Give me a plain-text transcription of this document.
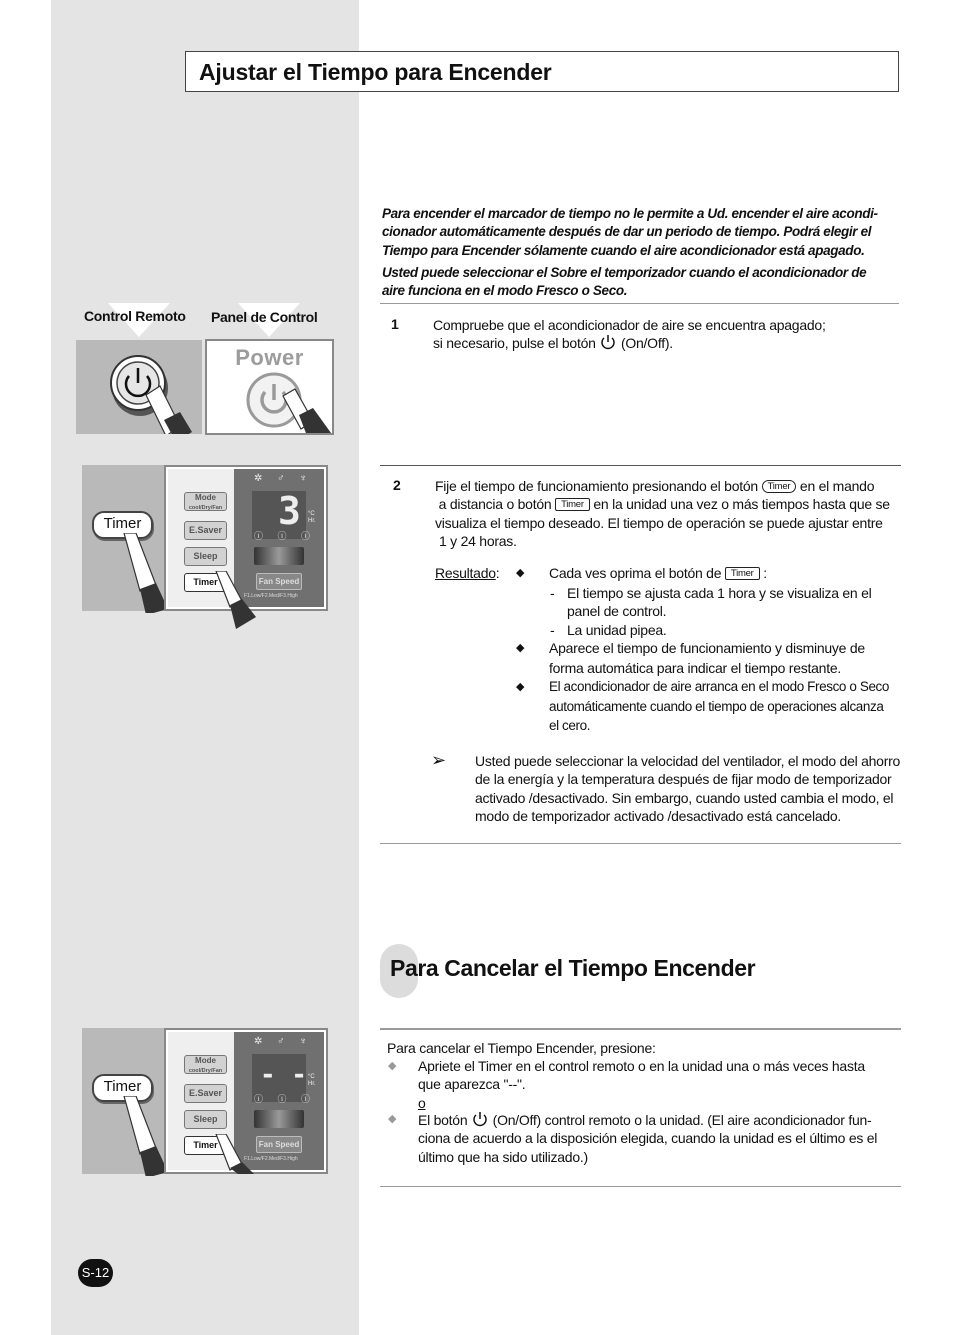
Ajustar el Tiempo para Encender
Para encender el marcador de tiempo no le permite a Ud. encender el aire acondi-
cionador automáticamente después de dar un periodo de tiempo. Podrá elegir el
Tiempo para Encender sólamente cuando el aire acondicionador está apagado.
Usted puede seleccionar el Sobre el temporizador cuando el acondicionador de
aire funciona en el modo Fresco o Seco.
Control Remoto Panel de Control
Power
1 Compruebe que el acondicionador de aire se encuentra apagado;
si necesario, pulse el botón (On/Off).
Timer
Mode
cool/Dry/Fan
E.Saver
Sleep
Timer
✲ ♂ ♆
3 °C
Hr.
ⓘ ⓘ ⓘ
Fan Speed
F1.Low/F2.Med/F3.High
2 Fije el tiempo de funcionamiento presionando el botón Timer en el mando
a distancia o botón Timer en la unidad una vez o más tiempos hasta que se
visualiza el tiempo deseado. El tiempo de operación se puede ajustar entre
1 y 24 horas.
Resultado: ◆ Cada ves oprima el botón de Timer :
- El tiempo se ajusta cada 1 hora y se visualiza en el
panel de control.
- La unidad pipea.
◆ Aparece el tiempo de funcionamiento y disminuye de
forma automática para indicar el tiempo restante.
◆ El acondicionador de aire arranca en el modo Fresco o Seco
automáticamente cuando el tiempo de operaciones alcanza
el cero.
➢ Usted puede seleccionar la velocidad del ventilador, el modo del ahorro
de la energía y la temperatura después de fijar modo de temporizador
activado /desactivado. Sin embargo, cuando usted cambia el modo, el
modo de temporizador activado /desactivado está cancelado.
Para Cancelar el Tiempo Encender
Timer
Mode
cool/Dry/Fan
E.Saver
Sleep
Timer
✲ ♂ ♆
- - °C
Hr.
ⓘ ⓘ ⓘ
Fan Speed
F1.Low/F2.Med/F3.High
Para cancelar el Tiempo Encender, presione:
◆ Apriete el Timer en el control remoto o en la unidad una o más veces hasta
que aparezca "--".
o
◆ El botón (On/Off) control remoto o la unidad. (El aire acondicionador fun-
ciona de acuerdo a la disposición elegida, cuando la unidad es el último es el
último que ha sido utilizado.)
S-12
